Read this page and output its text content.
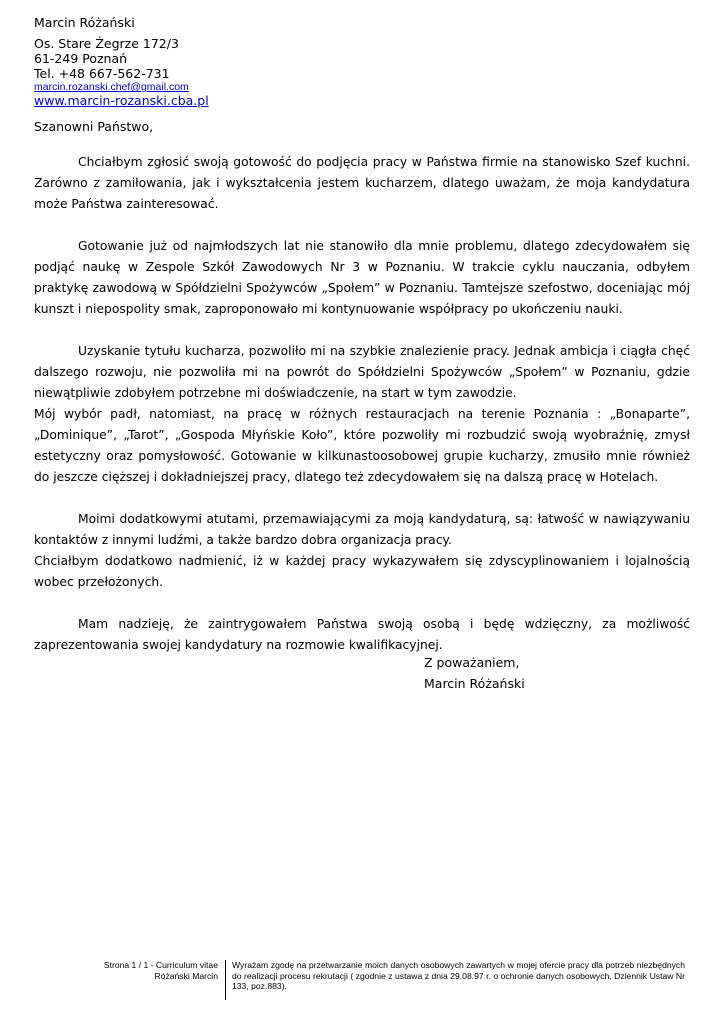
Marcin Różański
Os. Stare Żegrze 172/3
61-249 Poznań
Tel. +48 667-562-731
marcin.rozanski.chef@gmail.com
www.marcin-rozanski.cba.pl
Szanowni Państwo,

Chciałbym zgłosić swoją gotowość do podjęcia pracy w Państwa firmie na stanowisko Szef kuchni. Zarówno z zamiłowania, jak i wykształcenia jestem kucharzem, dlatego uważam, że moja kandydatura może Państwa zainteresować.

Gotowanie już od najmłodszych lat nie stanowiło dla mnie problemu, dlatego zdecydowałem się podjąć naukę w Zespole Szkół Zawodowych Nr 3 w Poznaniu. W trakcie cyklu nauczania, odbyłem praktykę zawodową w Spółdzielni Spożywców „Społem” w Poznaniu. Tamtejsze szefostwo, doceniając mój kunszt i niepospolity smak, zaproponowało mi kontynuowanie współpracy po ukończeniu nauki.

Uzyskanie tytułu kucharza, pozwoliło mi na szybkie znalezienie pracy. Jednak ambicja i ciągła chęć dalszego rozwoju, nie pozwoliła mi na powrót do Spółdzielni Spożywców „Społem” w Poznaniu, gdzie niewątpliwie zdobyłem potrzebne mi doświadczenie, na start w tym zawodzie.

Mój wybór padł, natomiast, na pracę w różnych restauracjach na terenie Poznania : „Bonaparte”, „Dominique”, „Tarot”, „Gospoda Młyńskie Koło”, które pozwoliły mi rozbudzić swoją wyobraźnię, zmysł estetyczny oraz pomysłowość. Gotowanie w kilkunastoosobowej grupie kucharzy, zmusiło mnie również do jeszcze cięższej i dokładniejszej pracy, dlatego też zdecydowałem się na dalszą pracę w Hotelach.

Moimi dodatkowymi atutami, przemawiającymi za moją kandydaturą, są: łatwość w nawiązywaniu kontaktów z innymi ludźmi, a także bardzo dobra organizacja pracy.

Chciałbym dodatkowo nadmienić, iż w każdej pracy wykazywałem się zdyscyplinowaniem i lojalnością wobec przełożonych.

Mam nadzieję, że zaintrygowałem Państwa swoją osobą i będę wdzięczny, za możliwość zaprezentowania swojej kandydatury na rozmowie kwalifikacyjnej.

Z poważaniem,
Marcin Różański
Strona 1 / 1 - Curriculum vitae
Różański Marcin
Wyrażam zgodę na przetwarzanie moich danych osobowych zawartych w mojej ofercie pracy dla potrzeb niezbędnych do realizacji procesu rekrutacji ( zgodnie z ustawa z dnia 29.08.97 r. o ochronie danych osobowych, Dziennik Ustaw Nr 133, poz.883).
